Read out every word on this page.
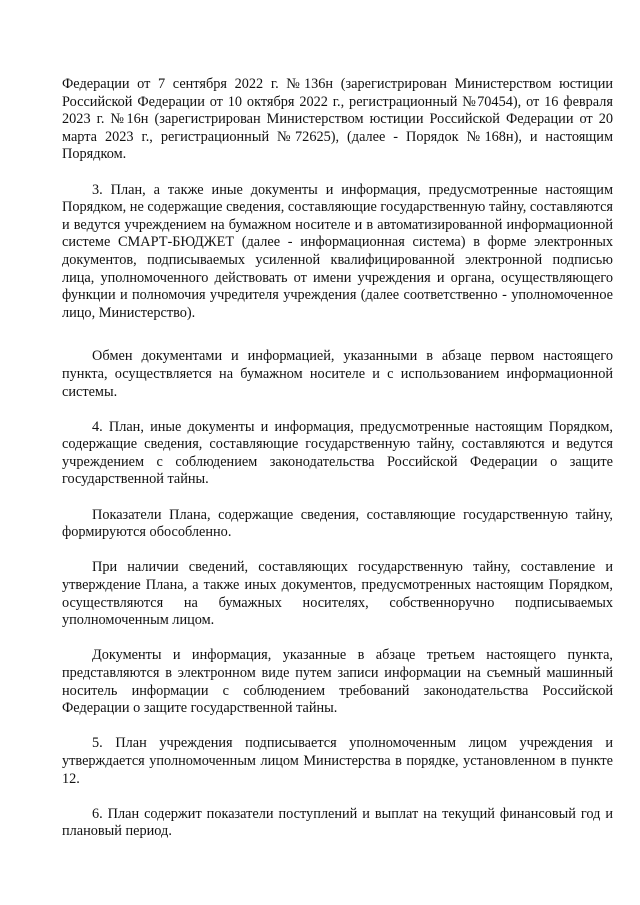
Федерации от 7 сентября 2022 г. №136н (зарегистрирован Министерством юстиции Российской Федерации от 10 октября 2022 г., регистрационный №70454), от 16 февраля 2023 г. №16н (зарегистрирован Министерством юстиции Российской Федерации от 20 марта 2023 г., регистрационный №72625), (далее - Порядок №168н), и настоящим Порядком.

3. План, а также иные документы и информация, предусмотренные настоящим Порядком, не содержащие сведения, составляющие государственную тайну, составляются и ведутся учреждением на бумажном носителе и в автоматизированной информационной системе СМАРТ-БЮДЖЕТ (далее - информационная система) в форме электронных документов, подписываемых усиленной квалифицированной электронной подписью лица, уполномоченного действовать от имени учреждения и органа, осуществляющего функции и полномочия учредителя учреждения (далее соответственно - уполномоченное лицо, Министерство).

Обмен документами и информацией, указанными в абзаце первом настоящего пункта, осуществляется на бумажном носителе и с использованием информационной системы.

4. План, иные документы и информация, предусмотренные настоящим Порядком, содержащие сведения, составляющие государственную тайну, составляются и ведутся учреждением с соблюдением законодательства Российской Федерации о защите государственной тайны.

Показатели Плана, содержащие сведения, составляющие государственную тайну, формируются обособленно.

При наличии сведений, составляющих государственную тайну, составление и утверждение Плана, а также иных документов, предусмотренных настоящим Порядком, осуществляются на бумажных носителях, собственноручно подписываемых уполномоченным лицом.

Документы и информация, указанные в абзаце третьем настоящего пункта, представляются в электронном виде путем записи информации на съемный машинный носитель информации с соблюдением требований законодательства Российской Федерации о защите государственной тайны.

5. План учреждения подписывается уполномоченным лицом учреждения и утверждается уполномоченным лицом Министерства в порядке, установленном в пункте 12.

6. План содержит показатели поступлений и выплат на текущий финансовый год и плановый период.
